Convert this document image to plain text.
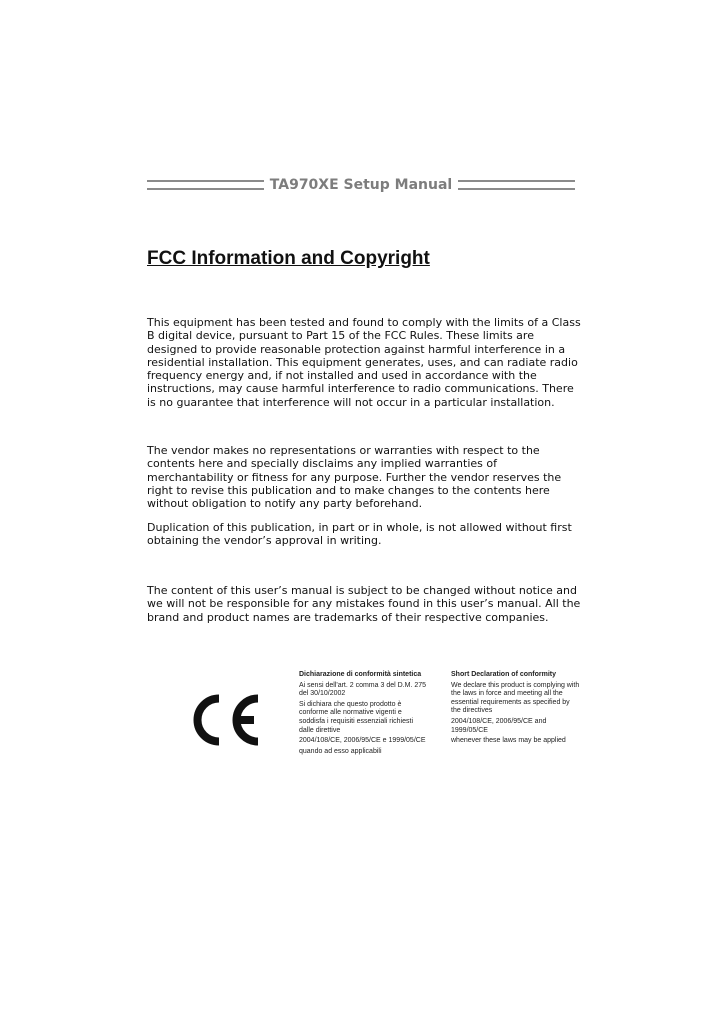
TA970XE Setup Manual
FCC Information and Copyright

This equipment has been tested and found to comply with the limits of a Class B digital device, pursuant to Part 15 of the FCC Rules. These limits are designed to provide reasonable protection against harmful interference in a residential installation. This equipment generates, uses, and can radiate radio frequency energy and, if not installed and used in accordance with the instructions, may cause harmful interference to radio communications. There is no guarantee that interference will not occur in a particular installation.

The vendor makes no representations or warranties with respect to the contents here and specially disclaims any implied warranties of merchantability or fitness for any purpose. Further the vendor reserves the right to revise this publication and to make changes to the contents here without obligation to notify any party beforehand.

Duplication of this publication, in part or in whole, is not allowed without first obtaining the vendor’s approval in writing.

The content of this user’s manual is subject to be changed without notice and we will not be responsible for any mistakes found in this user’s manual. All the brand and product names are trademarks of their respective companies.

Dichiarazione di conformità sintetica

Ai sensi dell'art. 2 comma 3 del D.M. 275 del 30/10/2002

Si dichiara che questo prodotto è conforme alle normative vigenti e soddisfa i requisiti essenziali richiesti dalle direttive

2004/108/CE, 2006/95/CE e 1999/05/CE

quando ad esso applicabili

Short Declaration of conformity

We declare this product is complying with the laws in force and meeting all the essential requirements as specified by the directives

2004/108/CE, 2006/95/CE and 1999/05/CE

whenever these laws may be applied
